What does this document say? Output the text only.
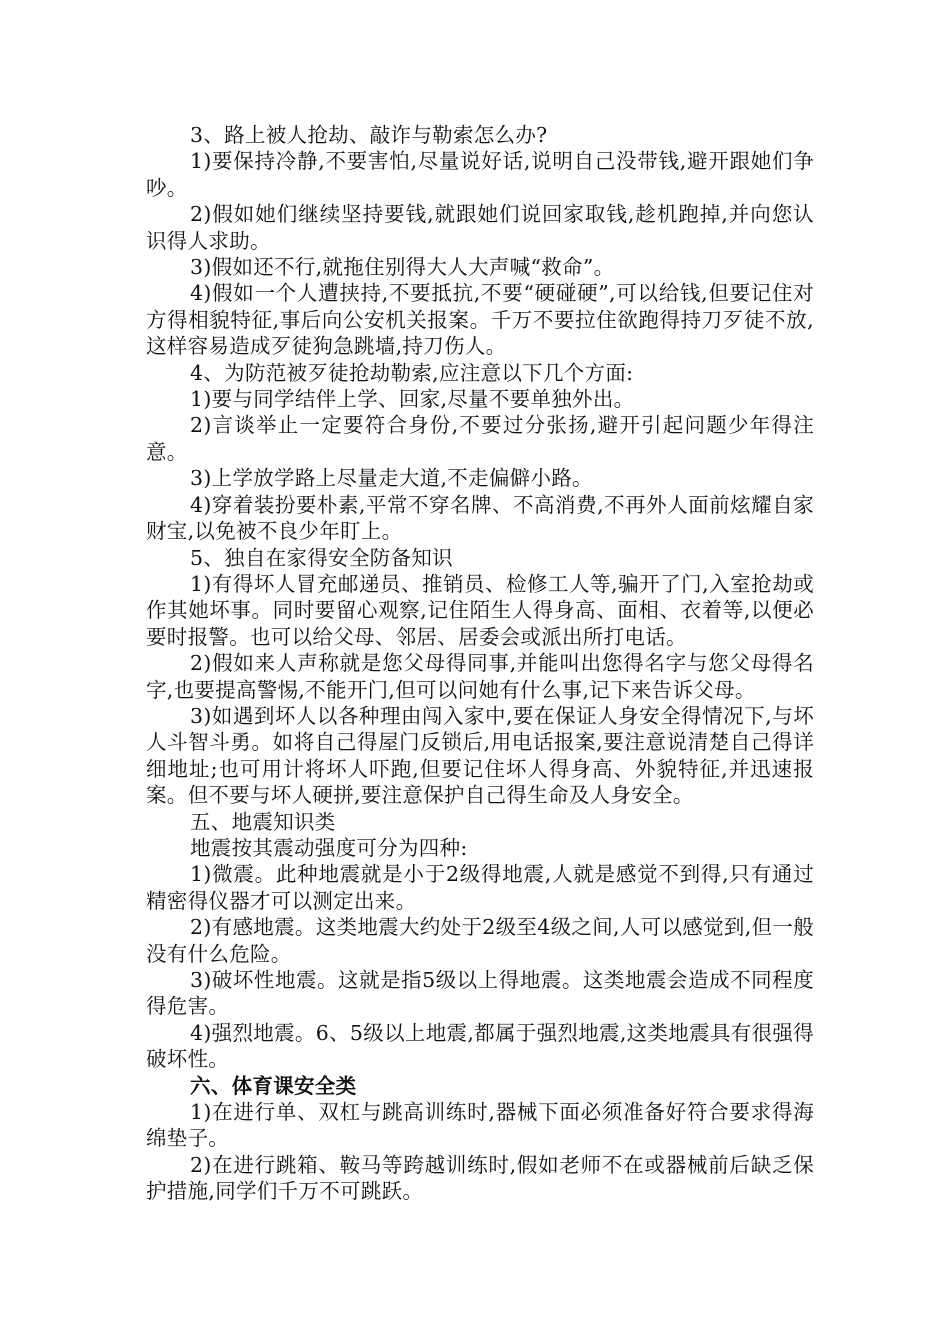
3、路上被人抢劫、敲诈与勒索怎么办?

1)要保持冷静,不要害怕,尽量说好话,说明自己没带钱,避开跟她们争吵。

2)假如她们继续坚持要钱,就跟她们说回家取钱,趁机跑掉,并向您认识得人求助。

3)假如还不行,就拖住别得大人大声喊“救命”。

4)假如一个人遭挟持,不要抵抗,不要“硬碰硬”,可以给钱,但要记住对方得相貌特征,事后向公安机关报案。千万不要拉住欲跑得持刀歹徒不放,这样容易造成歹徒狗急跳墙,持刀伤人。

4、为防范被歹徒抢劫勒索,应注意以下几个方面:

1)要与同学结伴上学、回家,尽量不要单独外出。

2)言谈举止一定要符合身份,不要过分张扬,避开引起问题少年得注意。

3)上学放学路上尽量走大道,不走偏僻小路。

4)穿着装扮要朴素,平常不穿名牌、不高消费,不再外人面前炫耀自家财宝,以免被不良少年盯上。

5、独自在家得安全防备知识

1)有得坏人冒充邮递员、推销员、检修工人等,骗开了门,入室抢劫或作其她坏事。同时要留心观察,记住陌生人得身高、面相、衣着等,以便必要时报警。也可以给父母、邻居、居委会或派出所打电话。

2)假如来人声称就是您父母得同事,并能叫出您得名字与您父母得名字,也要提高警惕,不能开门,但可以问她有什么事,记下来告诉父母。

3)如遇到坏人以各种理由闯入家中,要在保证人身安全得情况下,与坏人斗智斗勇。如将自己得屋门反锁后,用电话报案,要注意说清楚自己得详细地址;也可用计将坏人吓跑,但要记住坏人得身高、外貌特征,并迅速报案。但不要与坏人硬拼,要注意保护自己得生命及人身安全。

五、地震知识类

地震按其震动强度可分为四种:

1)微震。此种地震就是小于2级得地震,人就是感觉不到得,只有通过精密得仪器才可以测定出来。

2)有感地震。这类地震大约处于2级至4级之间,人可以感觉到,但一般没有什么危险。

3)破坏性地震。这就是指5级以上得地震。这类地震会造成不同程度得危害。

4)强烈地震。6、5级以上地震,都属于强烈地震,这类地震具有很强得破坏性。

六、体育课安全类

1)在进行单、双杠与跳高训练时,器械下面必须准备好符合要求得海绵垫子。

2)在进行跳箱、鞍马等跨越训练时,假如老师不在或器械前后缺乏保护措施,同学们千万不可跳跃。
